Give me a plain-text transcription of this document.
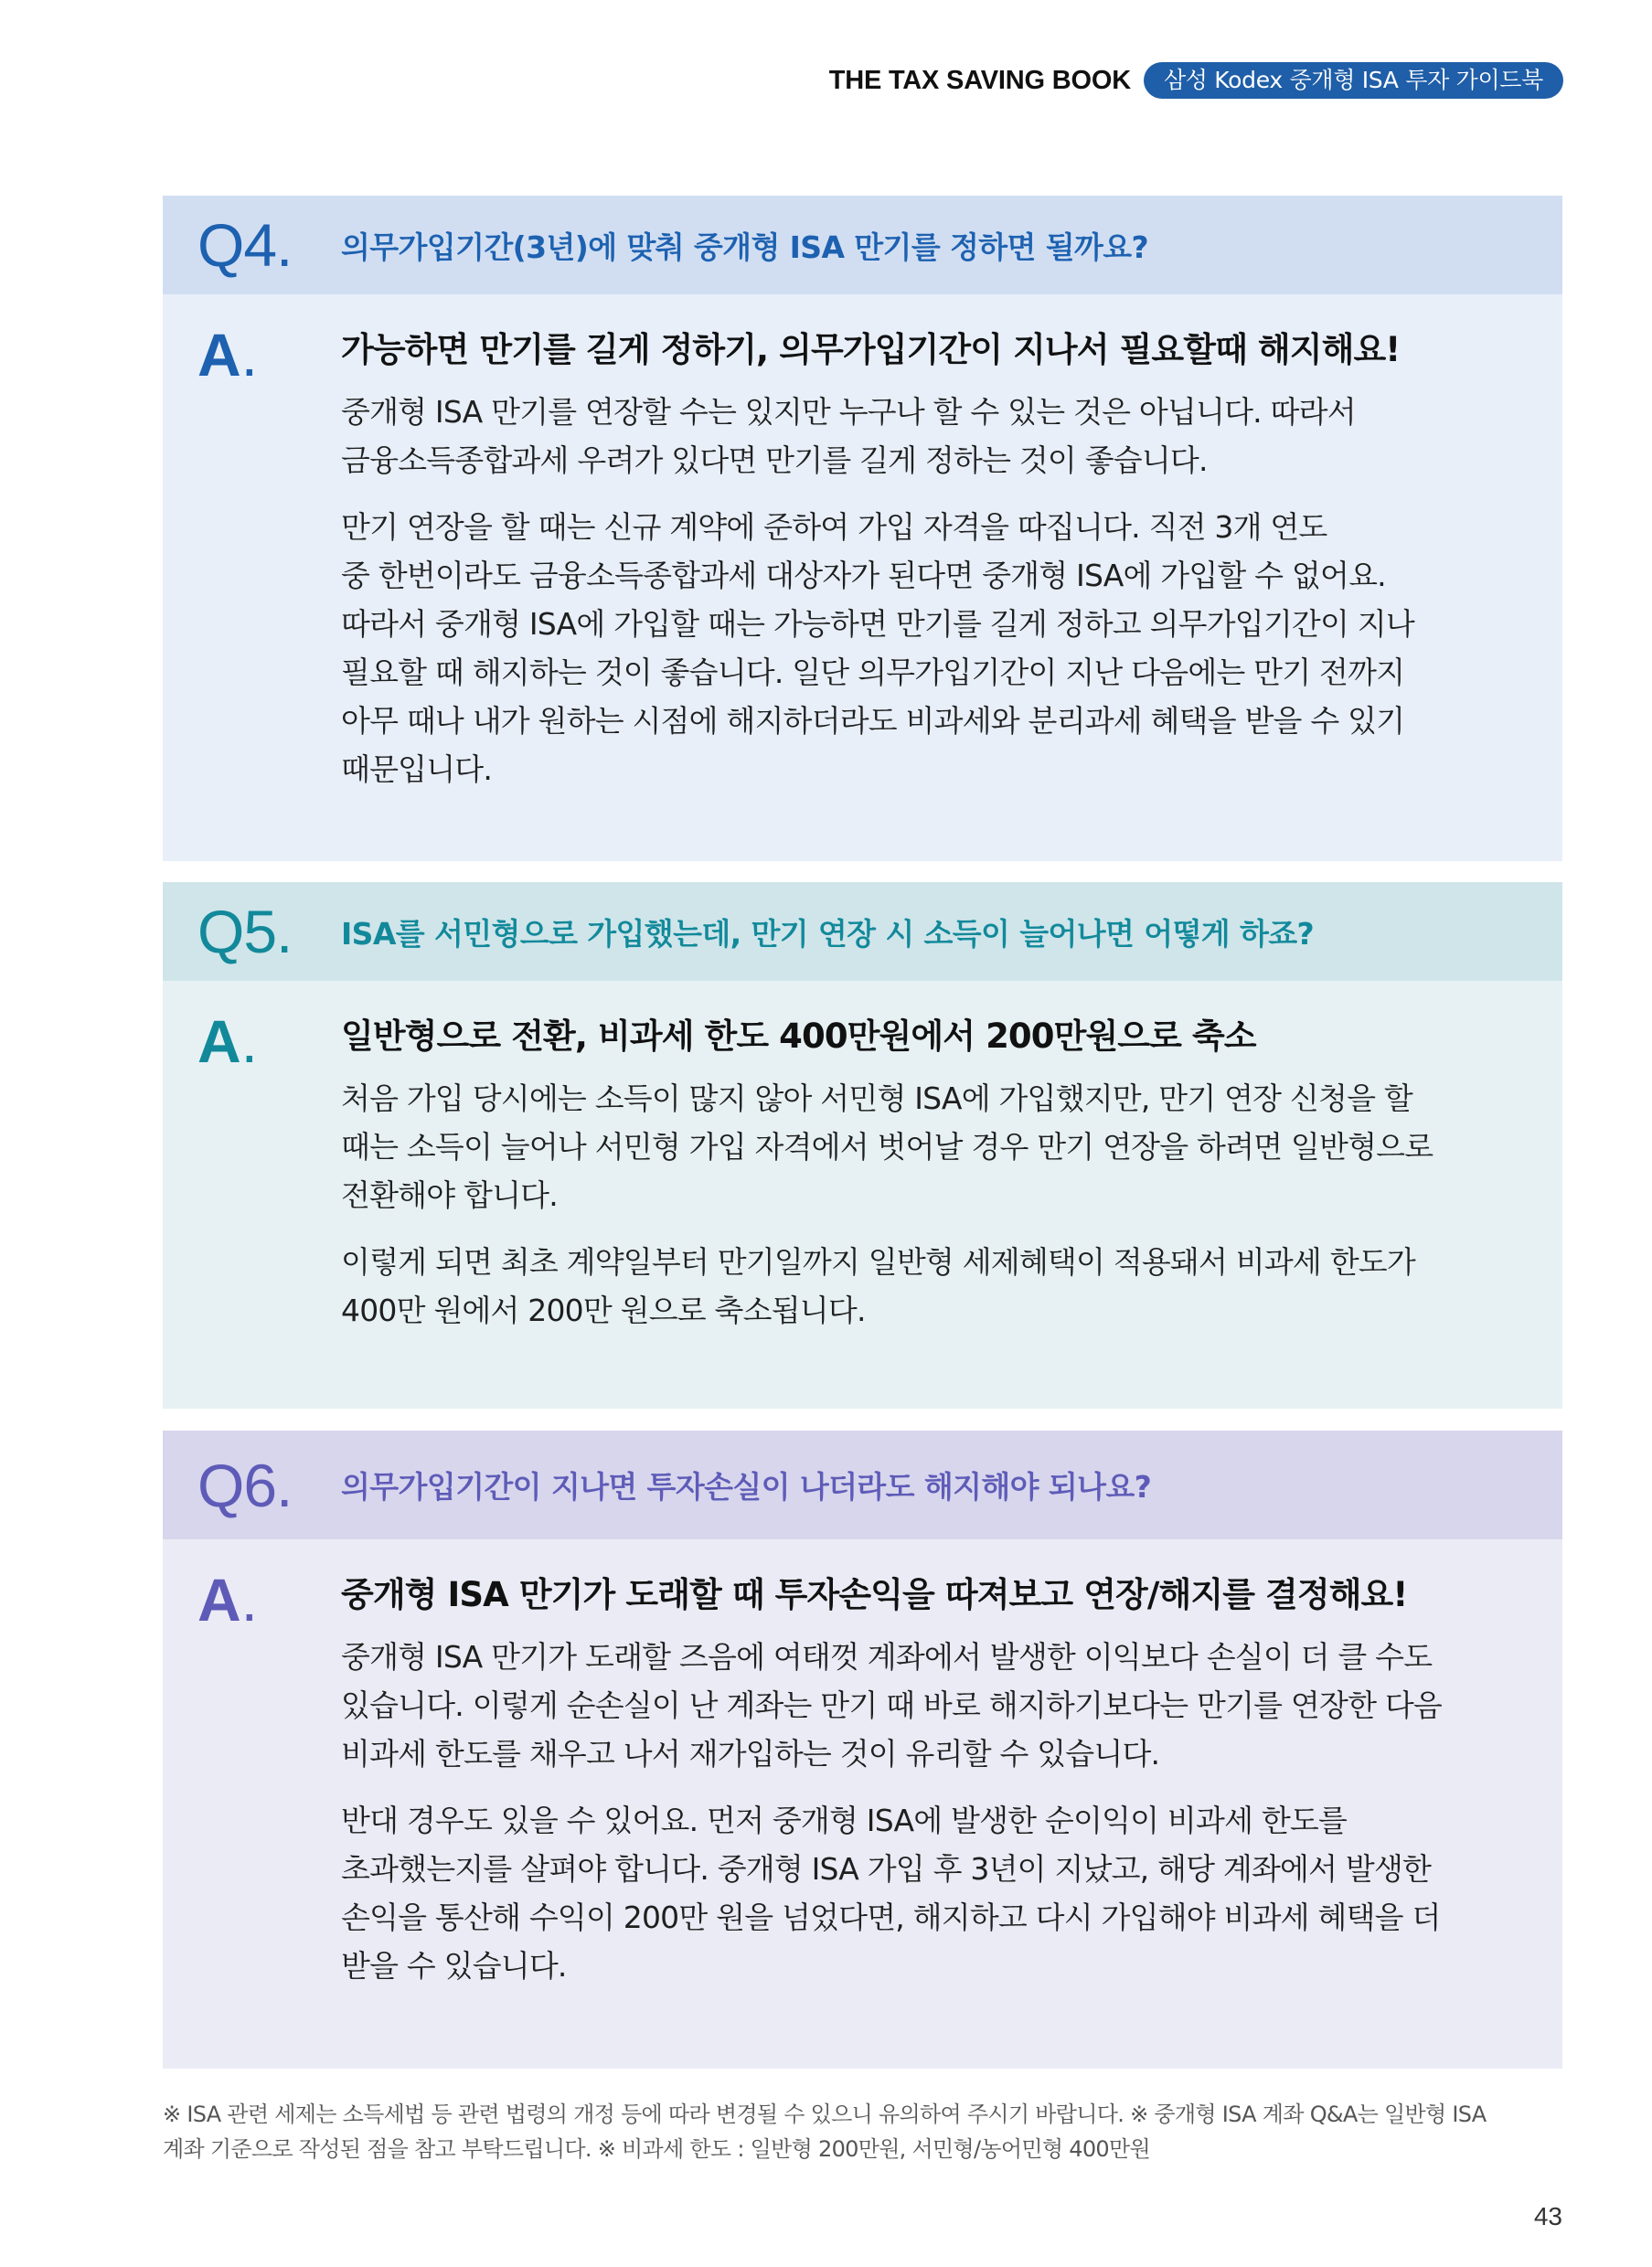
THE TAX SAVING BOOK	삼성 Kodex 중개형 ISA 투자 가이드북
Q4.	의무가입기간(3년)에 맞춰 중개형 ISA 만기를 정하면 될까요?
A. 가능하면 만기를 길게 정하기, 의무가입기간이 지나서 필요할때 해지해요!
중개형 ISA 만기를 연장할 수는 있지만 누구나 할 수 있는 것은 아닙니다. 따라서
금융소득종합과세 우려가 있다면 만기를 길게 정하는 것이 좋습니다.
만기 연장을 할 때는 신규 계약에 준하여 가입 자격을 따집니다. 직전 3개 연도
중 한번이라도 금융소득종합과세 대상자가 된다면 중개형 ISA에 가입할 수 없어요.
따라서 중개형 ISA에 가입할 때는 가능하면 만기를 길게 정하고 의무가입기간이 지나
필요할 때 해지하는 것이 좋습니다. 일단 의무가입기간이 지난 다음에는 만기 전까지
아무 때나 내가 원하는 시점에 해지하더라도 비과세와 분리과세 혜택을 받을 수 있기
때문입니다.
Q5.	ISA를 서민형으로 가입했는데, 만기 연장 시 소득이 늘어나면 어떻게 하죠?
A. 일반형으로 전환, 비과세 한도 400만원에서 200만원으로 축소
처음 가입 당시에는 소득이 많지 않아 서민형 ISA에 가입했지만, 만기 연장 신청을 할
때는 소득이 늘어나 서민형 가입 자격에서 벗어날 경우 만기 연장을 하려면 일반형으로
전환해야 합니다.
이렇게 되면 최초 계약일부터 만기일까지 일반형 세제혜택이 적용돼서 비과세 한도가
400만 원에서 200만 원으로 축소됩니다.
Q6.	의무가입기간이 지나면 투자손실이 나더라도 해지해야 되나요?
A. 중개형 ISA 만기가 도래할 때 투자손익을 따져보고 연장/해지를 결정해요!
중개형 ISA 만기가 도래할 즈음에 여태껏 계좌에서 발생한 이익보다 손실이 더 클 수도
있습니다. 이렇게 순손실이 난 계좌는 만기 때 바로 해지하기보다는 만기를 연장한 다음
비과세 한도를 채우고 나서 재가입하는 것이 유리할 수 있습니다.
반대 경우도 있을 수 있어요. 먼저 중개형 ISA에 발생한 순이익이 비과세 한도를
초과했는지를 살펴야 합니다. 중개형 ISA 가입 후 3년이 지났고, 해당 계좌에서 발생한
손익을 통산해 수익이 200만 원을 넘었다면, 해지하고 다시 가입해야 비과세 혜택을 더
받을 수 있습니다.
※ ISA 관련 세제는 소득세법 등 관련 법령의 개정 등에 따라 변경될 수 있으니 유의하여 주시기 바랍니다. ※ 중개형 ISA 계좌 Q&A는 일반형 ISA
계좌 기준으로 작성된 점을 참고 부탁드립니다. ※ 비과세 한도 : 일반형 200만원, 서민형/농어민형 400만원
43
